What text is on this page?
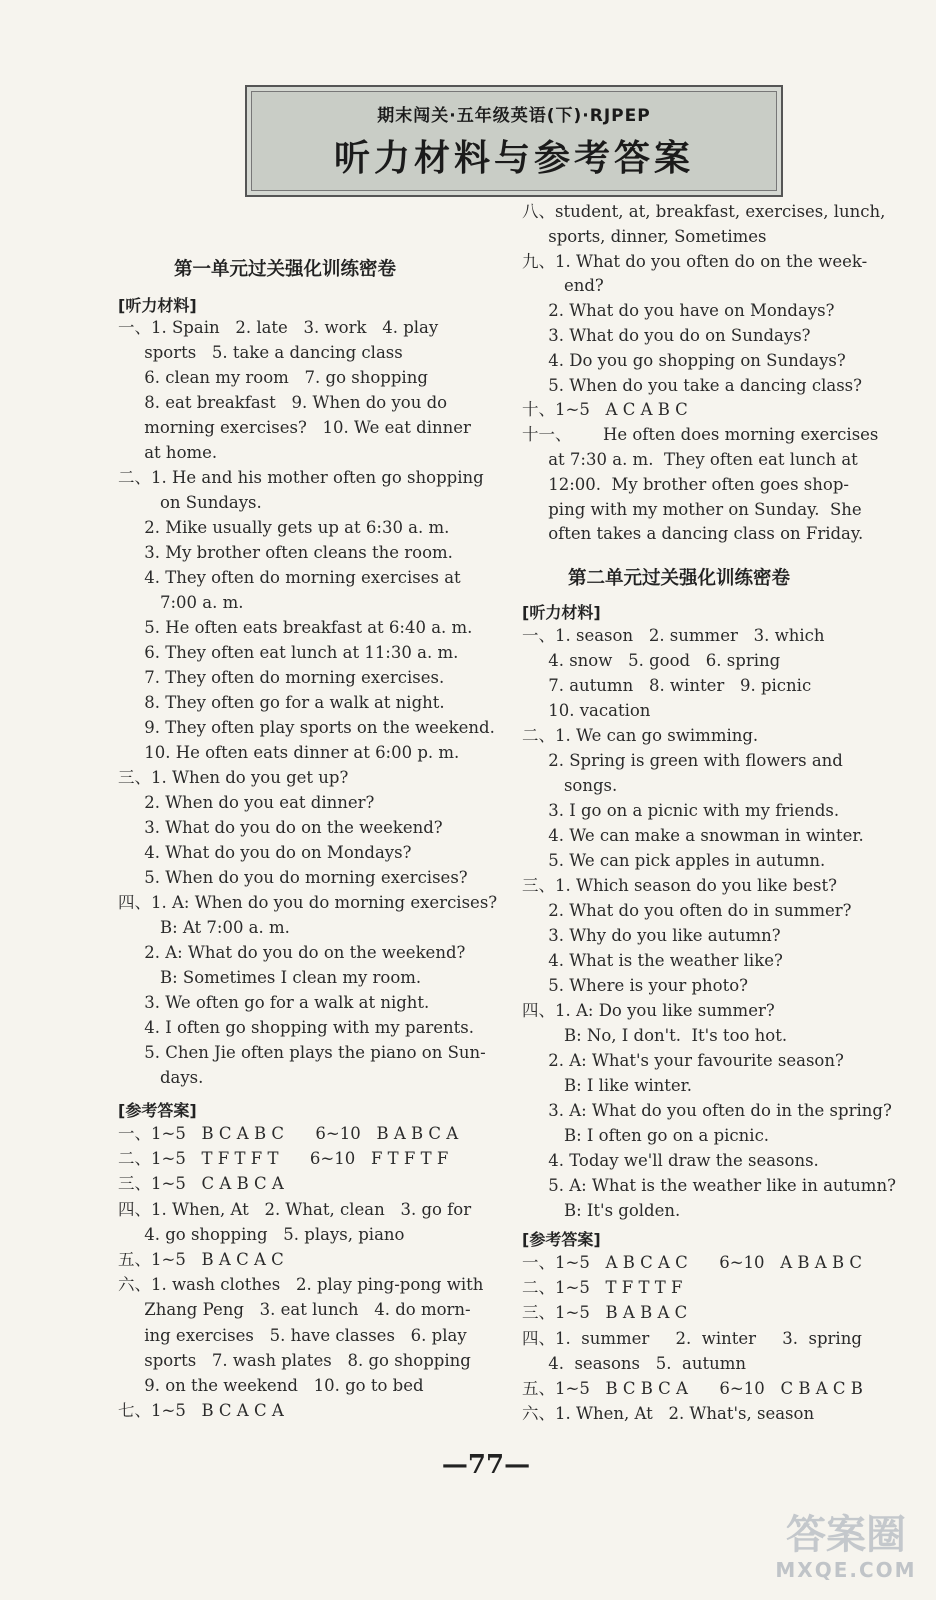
期末闯关·五年级英语(下)·RJPEP
听力材料与参考答案
第一单元过关强化训练密卷
[听力材料]
一、1. Spain   2. late   3. work   4. play
sports   5. take a dancing class
6. clean my room   7. go shopping
8. eat breakfast   9. When do you do
morning exercises?   10. We eat dinner
at home.
二、1. He and his mother often go shopping
on Sundays.
2. Mike usually gets up at 6:30 a. m.
3. My brother often cleans the room.
4. They often do morning exercises at
7:00 a. m.
5. He often eats breakfast at 6:40 a. m.
6. They often eat lunch at 11:30 a. m.
7. They often do morning exercises.
8. They often go for a walk at night.
9. They often play sports on the weekend.
10. He often eats dinner at 6:00 p. m.
三、1. When do you get up?
2. When do you eat dinner?
3. What do you do on the weekend?
4. What do you do on Mondays?
5. When do you do morning exercises?
四、1. A: When do you do morning exercises?
B: At 7:00 a. m.
2. A: What do you do on the weekend?
B: Sometimes I clean my room.
3. We often go for a walk at night.
4. I often go shopping with my parents.
5. Chen Jie often plays the piano on Sun-
days.
[参考答案]
一、1~5   B C A B C      6~10   B A B C A
二、1~5   T F T F T      6~10   F T F T F
三、1~5   C A B C A
四、1. When, At   2. What, clean   3. go for
4. go shopping   5. plays, piano
五、1~5   B A C A C
六、1. wash clothes   2. play ping-pong with
Zhang Peng   3. eat lunch   4. do morn-
ing exercises   5. have classes   6. play
sports   7. wash plates   8. go shopping
9. on the weekend   10. go to bed
七、1~5   B C A C A
八、student, at, breakfast, exercises, lunch,
sports, dinner, Sometimes
九、1. What do you often do on the week-
end?
2. What do you have on Mondays?
3. What do you do on Sundays?
4. Do you go shopping on Sundays?
5. When do you take a dancing class?
十、1~5   A C A B C
十一、      He often does morning exercises
at 7:30 a. m.  They often eat lunch at
12:00.  My brother often goes shop-
ping with my mother on Sunday.  She
often takes a dancing class on Friday.
第二单元过关强化训练密卷
[听力材料]
一、1. season   2. summer   3. which
4. snow   5. good   6. spring
7. autumn   8. winter   9. picnic
10. vacation
二、1. We can go swimming.
2. Spring is green with flowers and
songs.
3. I go on a picnic with my friends.
4. We can make a snowman in winter.
5. We can pick apples in autumn.
三、1. Which season do you like best?
2. What do you often do in summer?
3. Why do you like autumn?
4. What is the weather like?
5. Where is your photo?
四、1. A: Do you like summer?
B: No, I don't.  It's too hot.
2. A: What's your favourite season?
B: I like winter.
3. A: What do you often do in the spring?
B: I often go on a picnic.
4. Today we'll draw the seasons.
5. A: What is the weather like in autumn?
B: It's golden.
[参考答案]
一、1~5   A B C A C      6~10   A B A B C
二、1~5   T F T T F
三、1~5   B A B A C
四、1.  summer     2.  winter     3.  spring
4.  seasons   5.  autumn
五、1~5   B C B C A      6~10   C B A C B
六、1. When, At   2. What's, season
—77—
答案圈
MXQE.COM
